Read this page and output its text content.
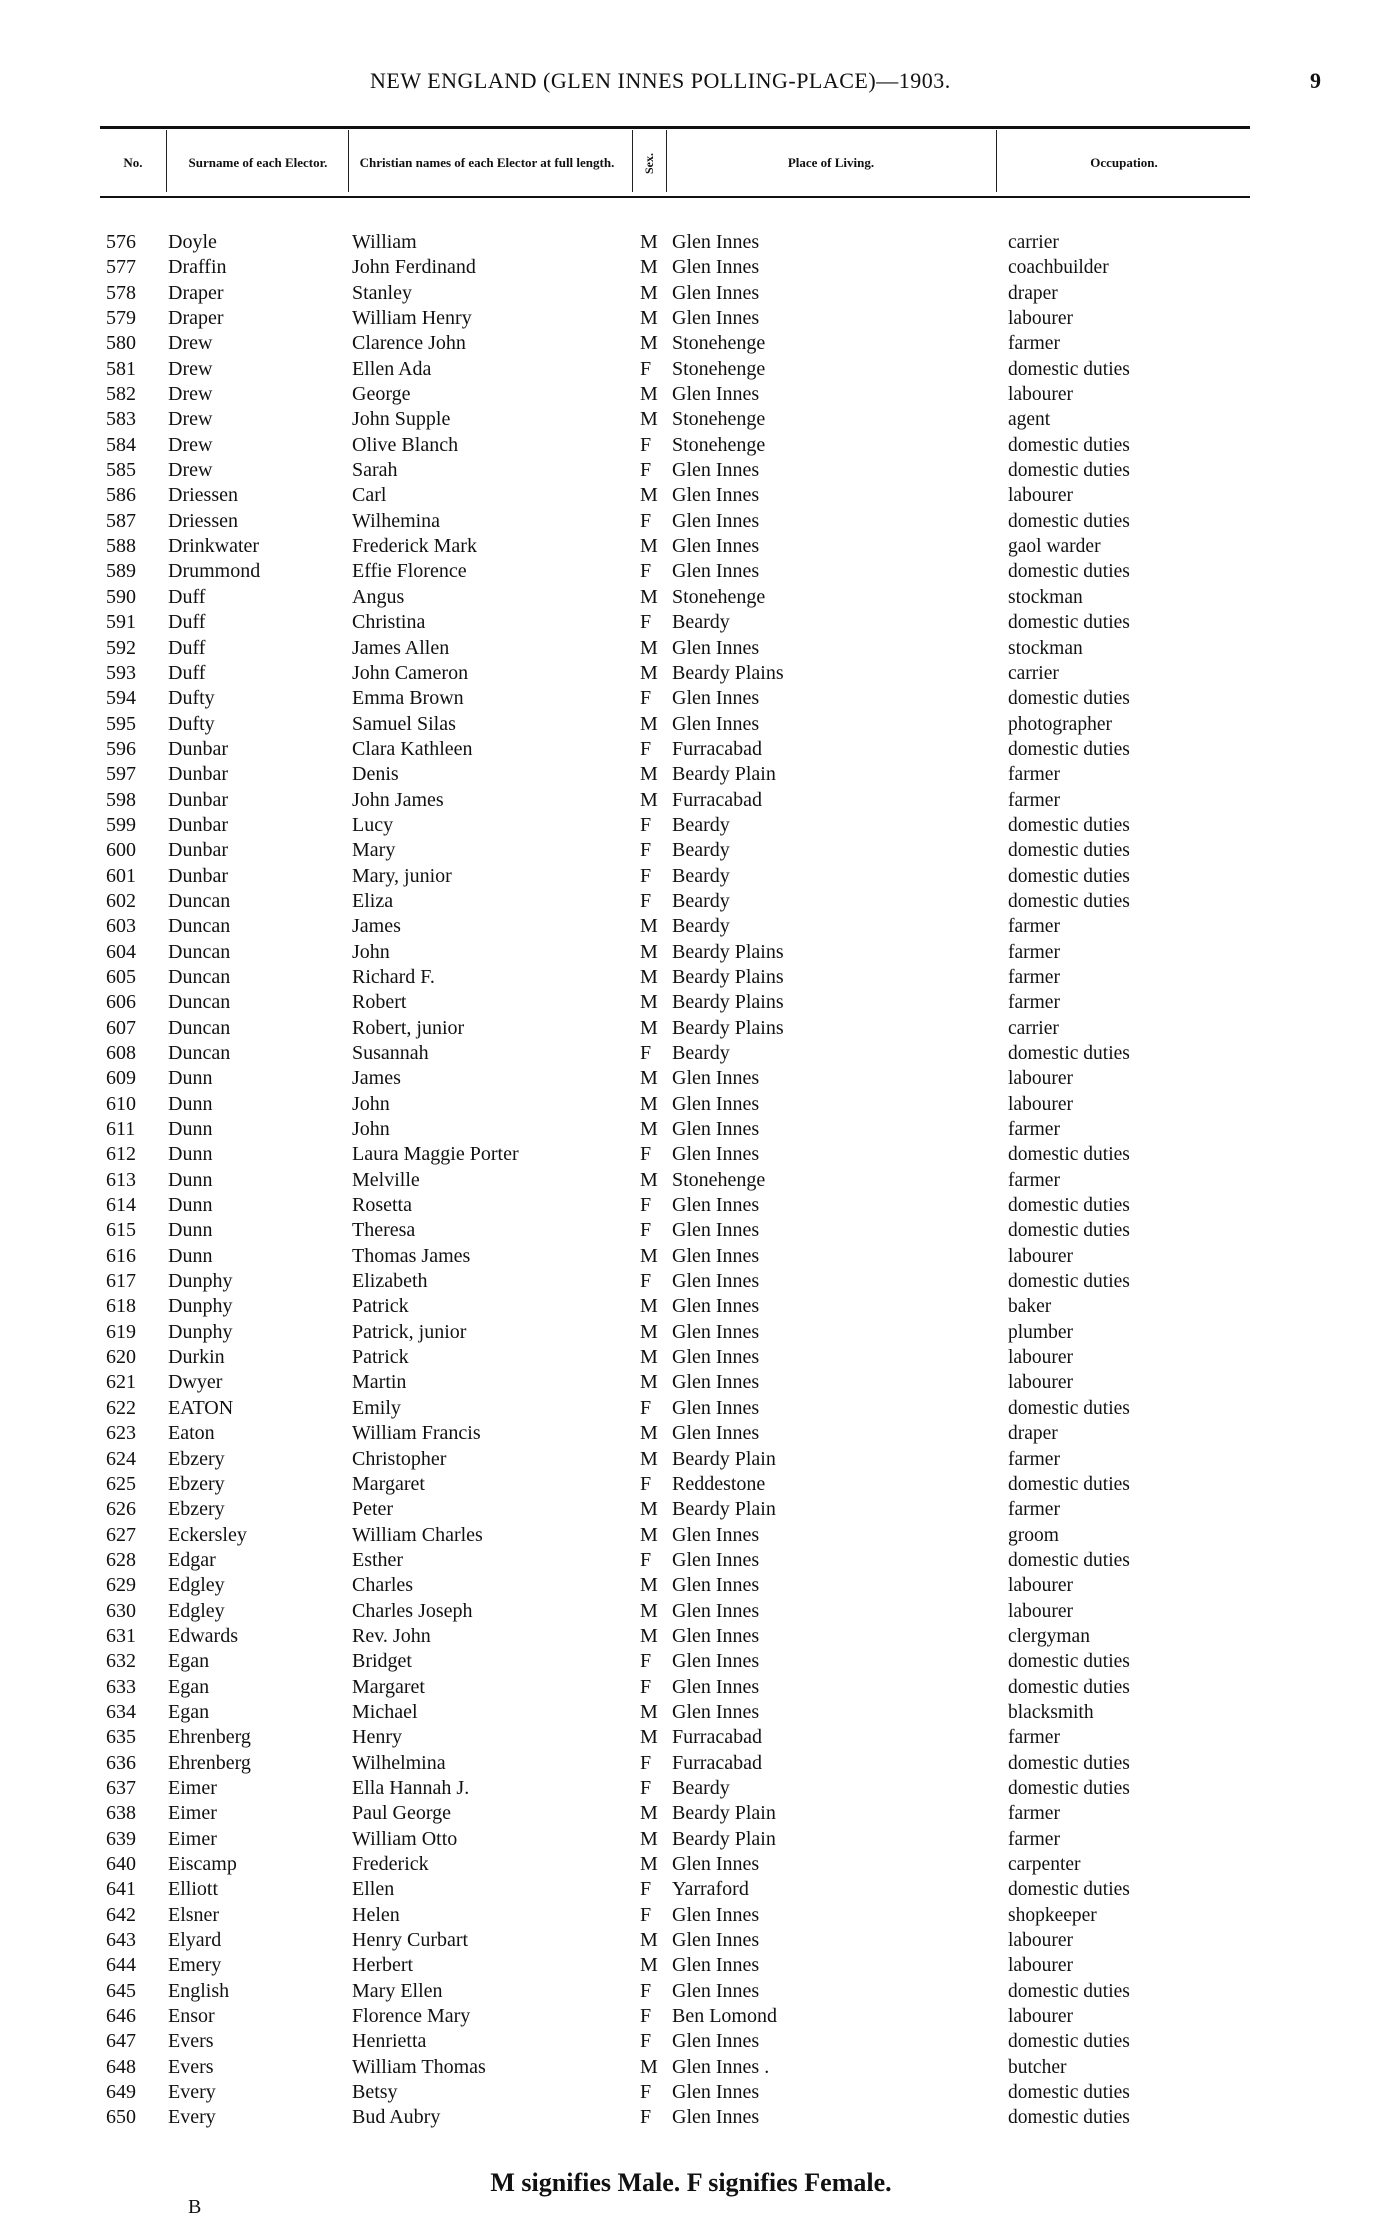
NEW ENGLAND (GLEN INNES POLLING-PLACE)—1903.	9
No.	Surname of each Elector.	Christian names of each Elector at full length.	Sex.	Place of Living.	Occupation.
576	Doyle	William	M Glen Innes	carrier
577	Draffin	John Ferdinand	M Glen Innes	coachbuilder
578	Draper	Stanley	M Glen Innes	draper
579	Draper	William Henry	M Glen Innes	labourer
580	Drew	Clarence John	M Stonehenge	farmer
581	Drew	Ellen Ada	F Stonehenge	domestic duties
582	Drew	George	M Glen Innes	labourer
583	Drew	John Supple	M Stonehenge	agent
584	Drew	Olive Blanch	F Stonehenge	domestic duties
585	Drew	Sarah	F Glen Innes	domestic duties
586	Driessen	Carl	M Glen Innes	labourer
587	Driessen	Wilhemina	F Glen Innes	domestic duties
588	Drinkwater	Frederick Mark	M Glen Innes	gaol warder
589	Drummond	Effie Florence	F Glen Innes	domestic duties
590	Duff	Angus	M Stonehenge	stockman
591	Duff	Christina	F Beardy	domestic duties
592	Duff	James Allen	M Glen Innes	stockman
593	Duff	John Cameron	M Beardy Plains	carrier
594	Dufty	Emma Brown	F Glen Innes	domestic duties
595	Dufty	Samuel Silas	M Glen Innes	photographer
596	Dunbar	Clara Kathleen	F Furracabad	domestic duties
597	Dunbar	Denis	M Beardy Plain	farmer
598	Dunbar	John James	M Furracabad	farmer
599	Dunbar	Lucy	F Beardy	domestic duties
600	Dunbar	Mary	F Beardy	domestic duties
601	Dunbar	Mary, junior	F Beardy	domestic duties
602	Duncan	Eliza	F Beardy	domestic duties
603	Duncan	James	M Beardy	farmer
604	Duncan	John	M Beardy Plains	farmer
605	Duncan	Richard F.	M Beardy Plains	farmer
606	Duncan	Robert	M Beardy Plains	farmer
607	Duncan	Robert, junior	M Beardy Plains	carrier
608	Duncan	Susannah	F Beardy	domestic duties
609	Dunn	James	M Glen Innes	labourer
610	Dunn	John	M Glen Innes	labourer
611	Dunn	John	M Glen Innes	farmer
612	Dunn	Laura Maggie Porter	F Glen Innes	domestic duties
613	Dunn	Melville	M Stonehenge	farmer
614	Dunn	Rosetta	F Glen Innes	domestic duties
615	Dunn	Theresa	F Glen Innes	domestic duties
616	Dunn	Thomas James	M Glen Innes	labourer
617	Dunphy	Elizabeth	F Glen Innes	domestic duties
618	Dunphy	Patrick	M Glen Innes	baker
619	Dunphy	Patrick, junior	M Glen Innes	plumber
620	Durkin	Patrick	M Glen Innes	labourer
621	Dwyer	Martin	M Glen Innes	labourer
622	EATON	Emily	F Glen Innes	domestic duties
623	Eaton	William Francis	M Glen Innes	draper
624	Ebzery	Christopher	M Beardy Plain	farmer
625	Ebzery	Margaret	F Reddestone	domestic duties
626	Ebzery	Peter	M Beardy Plain	farmer
627	Eckersley	William Charles	M Glen Innes	groom
628	Edgar	Esther	F Glen Innes	domestic duties
629	Edgley	Charles	M Glen Innes	labourer
630	Edgley	Charles Joseph	M Glen Innes	labourer
631	Edwards	Rev. John	M Glen Innes	clergyman
632	Egan	Bridget	F Glen Innes	domestic duties
633	Egan	Margaret	F Glen Innes	domestic duties
634	Egan	Michael	M Glen Innes	blacksmith
635	Ehrenberg	Henry	M Furracabad	farmer
636	Ehrenberg	Wilhelmina	F Furracabad	domestic duties
637	Eimer	Ella Hannah J.	F Beardy	domestic duties
638	Eimer	Paul George	M Beardy Plain	farmer
639	Eimer	William Otto	M Beardy Plain	farmer
640	Eiscamp	Frederick	M Glen Innes	carpenter
641	Elliott	Ellen	F Yarraford	domestic duties
642	Elsner	Helen	F Glen Innes	shopkeeper
643	Elyard	Henry Curbart	M Glen Innes	labourer
644	Emery	Herbert	M Glen Innes	labourer
645	English	Mary Ellen	F Glen Innes	domestic duties
646	Ensor	Florence Mary	F Ben Lomond	labourer
647	Evers	Henrietta	F Glen Innes	domestic duties
648	Evers	William Thomas	M Glen Innes .	butcher
649	Every	Betsy	F Glen Innes	domestic duties
650	Every	Bud Aubry	F Glen Innes	domestic duties
M signifies Male. F signifies Female.
B
